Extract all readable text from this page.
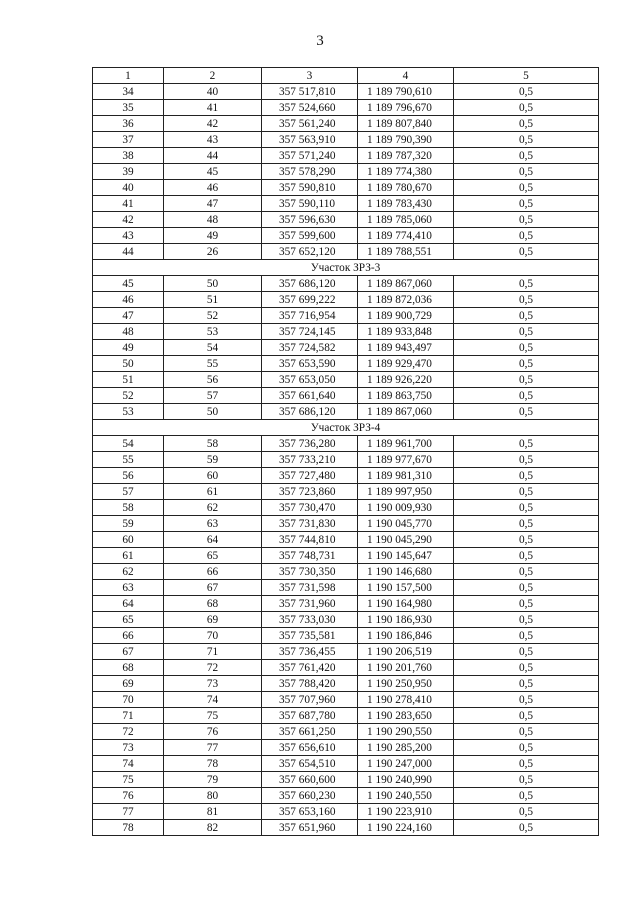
3
1	2	3	4	5
34	40	357 517,810	1 189 790,610	0,5
35	41	357 524,660	1 189 796,670	0,5
36	42	357 561,240	1 189 807,840	0,5
37	43	357 563,910	1 189 790,390	0,5
38	44	357 571,240	1 189 787,320	0,5
39	45	357 578,290	1 189 774,380	0,5
40	46	357 590,810	1 189 780,670	0,5
41	47	357 590,110	1 189 783,430	0,5
42	48	357 596,630	1 189 785,060	0,5
43	49	357 599,600	1 189 774,410	0,5
44	26	357 652,120	1 189 788,551	0,5
Участок ЗРЗ-3				
45	50	357 686,120	1 189 867,060	0,5
46	51	357 699,222	1 189 872,036	0,5
47	52	357 716,954	1 189 900,729	0,5
48	53	357 724,145	1 189 933,848	0,5
49	54	357 724,582	1 189 943,497	0,5
50	55	357 653,590	1 189 929,470	0,5
51	56	357 653,050	1 189 926,220	0,5
52	57	357 661,640	1 189 863,750	0,5
53	50	357 686,120	1 189 867,060	0,5
Участок ЗРЗ-4				
54	58	357 736,280	1 189 961,700	0,5
55	59	357 733,210	1 189 977,670	0,5
56	60	357 727,480	1 189 981,310	0,5
57	61	357 723,860	1 189 997,950	0,5
58	62	357 730,470	1 190 009,930	0,5
59	63	357 731,830	1 190 045,770	0,5
60	64	357 744,810	1 190 045,290	0,5
61	65	357 748,731	1 190 145,647	0,5
62	66	357 730,350	1 190 146,680	0,5
63	67	357 731,598	1 190 157,500	0,5
64	68	357 731,960	1 190 164,980	0,5
65	69	357 733,030	1 190 186,930	0,5
66	70	357 735,581	1 190 186,846	0,5
67	71	357 736,455	1 190 206,519	0,5
68	72	357 761,420	1 190 201,760	0,5
69	73	357 788,420	1 190 250,950	0,5
70	74	357 707,960	1 190 278,410	0,5
71	75	357 687,780	1 190 283,650	0,5
72	76	357 661,250	1 190 290,550	0,5
73	77	357 656,610	1 190 285,200	0,5
74	78	357 654,510	1 190 247,000	0,5
75	79	357 660,600	1 190 240,990	0,5
76	80	357 660,230	1 190 240,550	0,5
77	81	357 653,160	1 190 223,910	0,5
78	82	357 651,960	1 190 224,160	0,5
